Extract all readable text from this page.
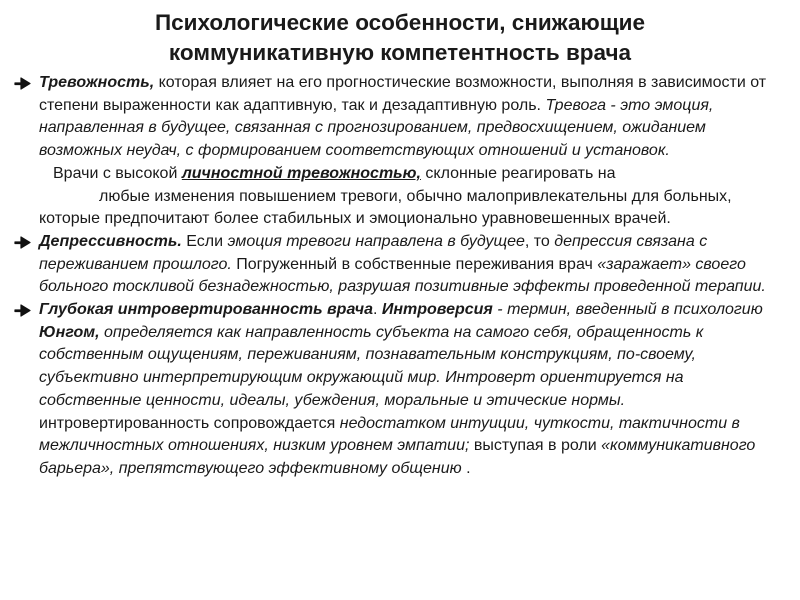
Психологические особенности, снижающие
коммуникативную компетентность врача
Тревожность, которая влияет на его прогностические возможности, выполняя в зависимости от степени выраженности как адаптивную, так и дезадаптивную роль. Тревога - это эмоция, направленная в будущее, связанная с прогнозированием, предвосхищением, ожиданием возможных неудач, с формированием соответствующих отношений и установок.
Врачи с высокой личностной тревожностью, склонные реагировать на
любые изменения повышением тревоги, обычно малопривлекательны для больных, которые предпочитают более стабильных и эмоционально уравновешенных врачей.
Депрессивность. Если эмоция тревоги направлена в будущее, то депрессия связана с переживанием прошлого. Погруженный в собственные переживания врач «заражает» своего больного тоскливой безнадежностью, разрушая позитивные эффекты проведенной терапии.
Глубокая интровертированность врача. Интроверсия - термин, введенный в психологию Юнгом, определяется как направленность субъекта на самого себя, обращенность к собственным ощущениям, переживаниям, познавательным конструкциям, по-своему, субъективно интерпретирующим окружающий мир. Интроверт ориентируется на собственные ценности, идеалы, убеждения, моральные и этические нормы. интровертированность сопровождается недостатком интуиции, чуткости, тактичности в межличностных отношениях, низким уровнем эмпатии; выступая в роли «коммуникативного барьера», препятствующего эффективному общению .
